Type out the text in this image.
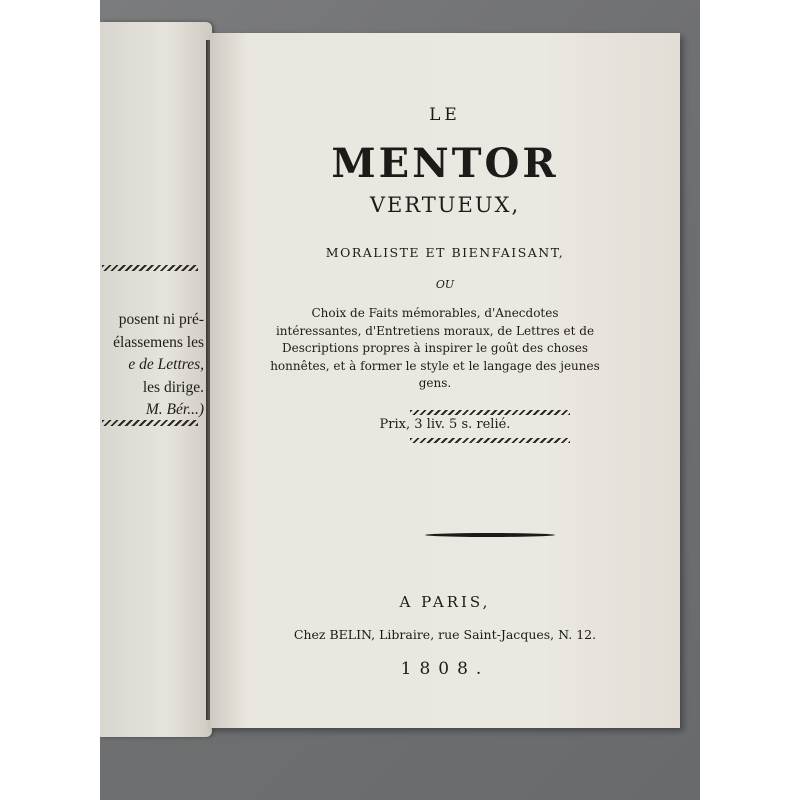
posent ni pré-
élassemens les
e de Lettres,
les dirige.
M. Bér...)
LE
MENTOR
VERTUEUX,
MORALISTE ET BIENFAISANT,
OU
Choix de Faits mémorables, d'Anecdotes intéressantes, d'Entretiens moraux, de Lettres et de Descriptions propres à inspirer le goût des choses honnêtes, et à former le style et le langage des jeunes gens.
Prix, 3 liv. 5 s. relié.
A PARIS,
Chez BELIN, Libraire, rue Saint-Jacques, N. 12.
1808.
